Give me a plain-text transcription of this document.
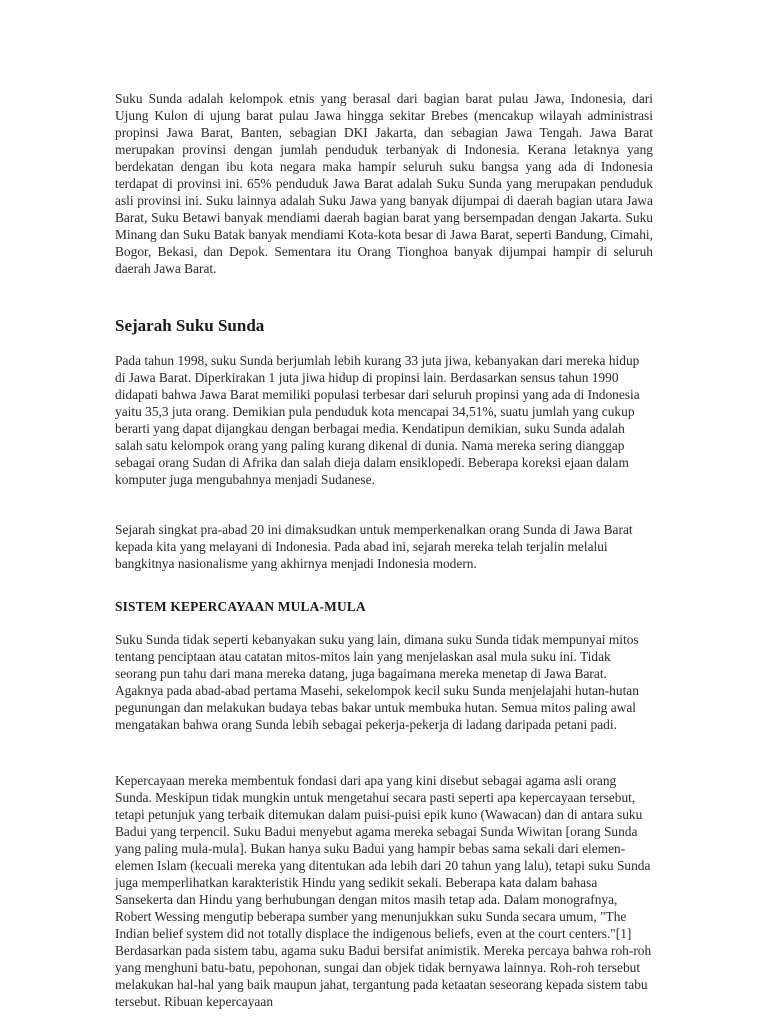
Suku Sunda adalah kelompok etnis yang berasal dari bagian barat pulau Jawa, Indonesia, dari Ujung Kulon di ujung barat pulau Jawa hingga sekitar Brebes (mencakup wilayah administrasi propinsi Jawa Barat, Banten, sebagian DKI Jakarta, dan sebagian Jawa Tengah. Jawa Barat merupakan provinsi dengan jumlah penduduk terbanyak di Indonesia. Kerana letaknya yang berdekatan dengan ibu kota negara maka hampir seluruh suku bangsa yang ada di Indonesia terdapat di provinsi ini. 65% penduduk Jawa Barat adalah Suku Sunda yang merupakan penduduk asli provinsi ini. Suku lainnya adalah Suku Jawa yang banyak dijumpai di daerah bagian utara Jawa Barat, Suku Betawi banyak mendiami daerah bagian barat yang bersempadan dengan Jakarta. Suku Minang dan Suku Batak banyak mendiami Kota-kota besar di Jawa Barat, seperti Bandung, Cimahi, Bogor, Bekasi, dan Depok. Sementara itu Orang Tionghoa banyak dijumpai hampir di seluruh daerah Jawa Barat.

Sejarah Suku Sunda

Pada tahun 1998, suku Sunda berjumlah lebih kurang 33 juta jiwa, kebanyakan dari mereka hidup di Jawa Barat. Diperkirakan 1 juta jiwa hidup di propinsi lain. Berdasarkan sensus tahun 1990 didapati bahwa Jawa Barat memiliki populasi terbesar dari seluruh propinsi yang ada di Indonesia yaitu 35,3 juta orang. Demikian pula penduduk kota mencapai 34,51%, suatu jumlah yang cukup berarti yang dapat dijangkau dengan berbagai media. Kendatipun demikian, suku Sunda adalah salah satu kelompok orang yang paling kurang dikenal di dunia. Nama mereka sering dianggap sebagai orang Sudan di Afrika dan salah dieja dalam ensiklopedi. Beberapa koreksi ejaan dalam komputer juga mengubahnya menjadi Sudanese.

Sejarah singkat pra-abad 20 ini dimaksudkan untuk memperkenalkan orang Sunda di Jawa Barat kepada kita yang melayani di Indonesia. Pada abad ini, sejarah mereka telah terjalin melalui bangkitnya nasionalisme yang akhirnya menjadi Indonesia modern.

SISTEM KEPERCAYAAN MULA-MULA

Suku Sunda tidak seperti kebanyakan suku yang lain, dimana suku Sunda tidak mempunyai mitos tentang penciptaan atau catatan mitos-mitos lain yang menjelaskan asal mula suku ini. Tidak seorang pun tahu dari mana mereka datang, juga bagaimana mereka menetap di Jawa Barat. Agaknya pada abad-abad pertama Masehi, sekelompok kecil suku Sunda menjelajahi hutan-hutan pegunungan dan melakukan budaya tebas bakar untuk membuka hutan. Semua mitos paling awal mengatakan bahwa orang Sunda lebih sebagai pekerja-pekerja di ladang daripada petani padi.

Kepercayaan mereka membentuk fondasi dari apa yang kini disebut sebagai agama asli orang Sunda. Meskipun tidak mungkin untuk mengetahui secara pasti seperti apa kepercayaan tersebut, tetapi petunjuk yang terbaik ditemukan dalam puisi-puisi epik kuno (Wawacan) dan di antara suku Badui yang terpencil. Suku Badui menyebut agama mereka sebagai Sunda Wiwitan [orang Sunda yang paling mula-mula]. Bukan hanya suku Badui yang hampir bebas sama sekali dari elemen- elemen Islam (kecuali mereka yang ditentukan ada lebih dari 20 tahun yang lalu), tetapi suku Sunda juga memperlihatkan karakteristik Hindu yang sedikit sekali. Beberapa kata dalam bahasa Sansekerta dan Hindu yang berhubungan dengan mitos masih tetap ada. Dalam monografnya, Robert Wessing mengutip beberapa sumber yang menunjukkan suku Sunda secara umum, "The Indian belief system did not totally displace the indigenous beliefs, even at the court centers."[1] Berdasarkan pada sistem tabu, agama suku Badui bersifat animistik. Mereka percaya bahwa roh-roh yang menghuni batu-batu, pepohonan, sungai dan objek tidak bernyawa lainnya. Roh-roh tersebut melakukan hal-hal yang baik maupun jahat, tergantung pada ketaatan seseorang kepada sistem tabu tersebut. Ribuan kepercayaan
